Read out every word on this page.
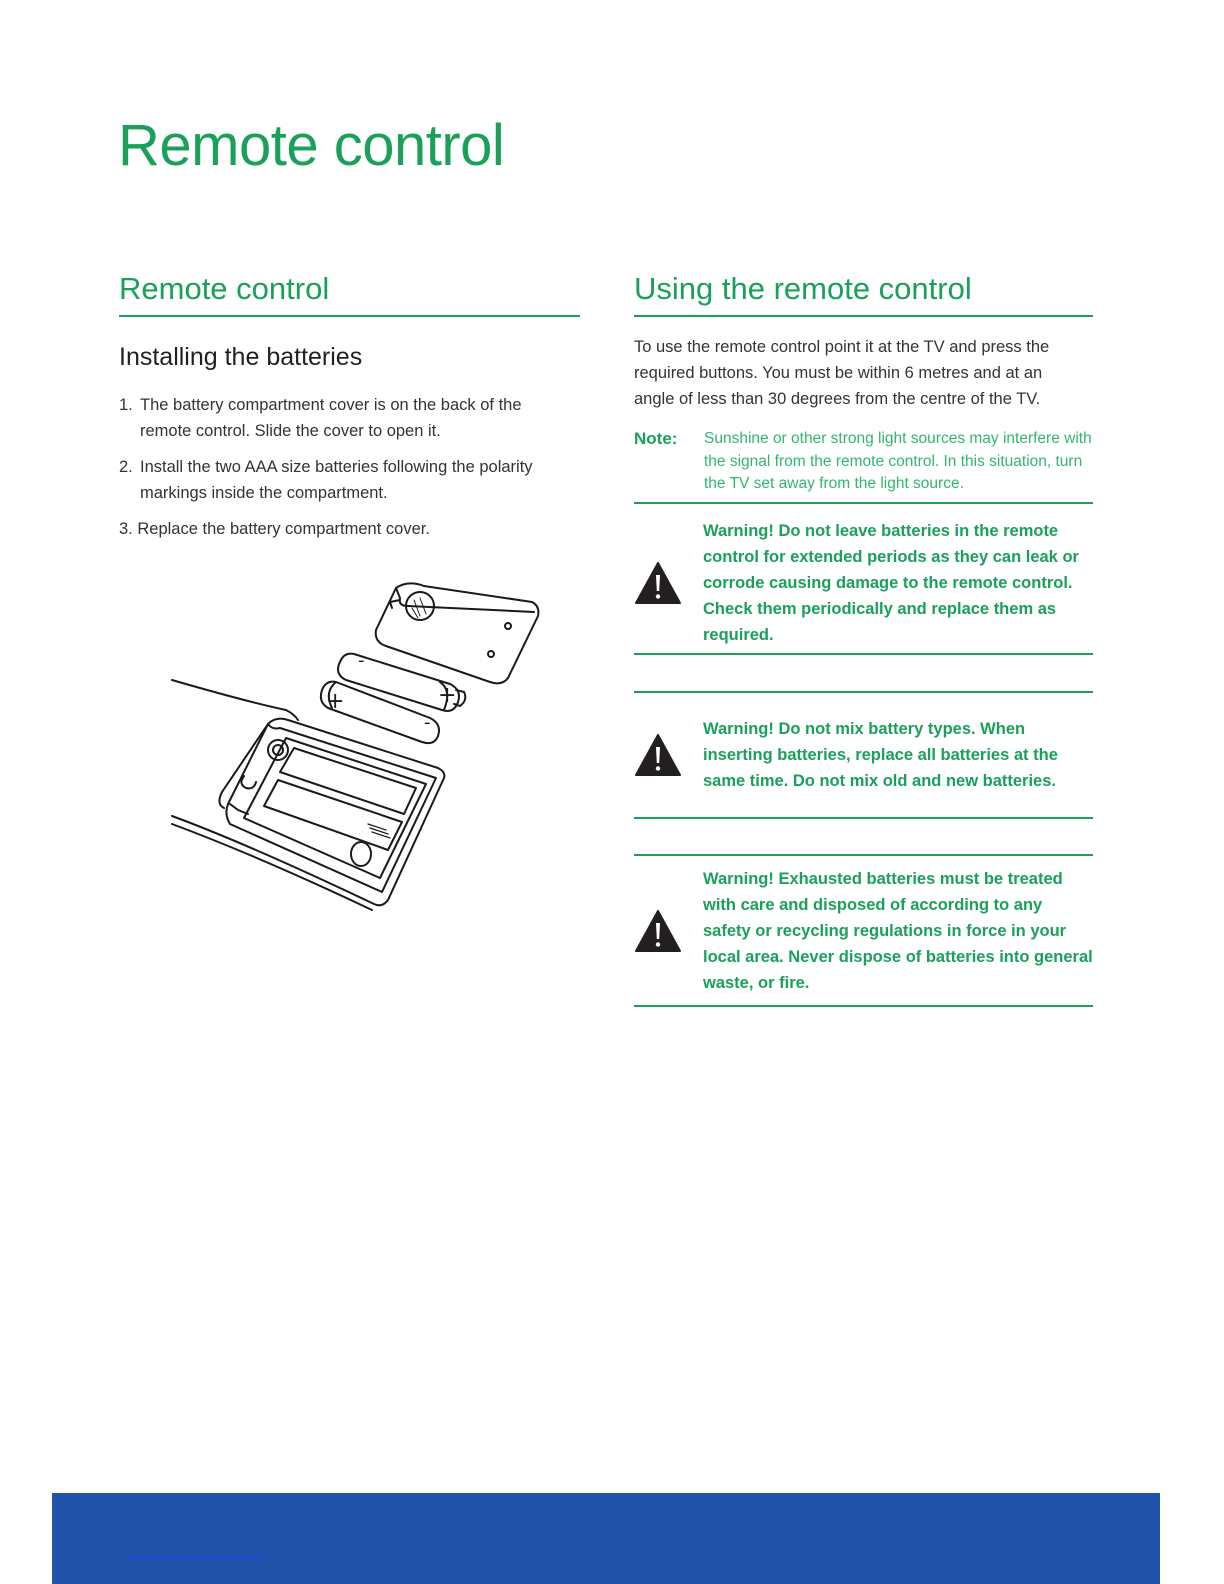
Remote control
Remote control
Installing the batteries
1. The battery compartment cover is on the back of the remote control. Slide the cover to open it.
2. Install the two AAA size batteries following the polarity markings inside the compartment.
3. Replace the battery compartment cover.
-
+
+
-
Using the remote control

To use the remote control point it at the TV and press the required buttons. You must be within 6 metres and at an angle of less than 30 degrees from the centre of the TV.

Note:	Sunshine or other strong light sources may interfere with the signal from the remote control. In this situation, turn the TV set away from the light source.
Warning! Do not leave batteries in the remote control for extended periods as they can leak or corrode causing damage to the remote control. Check them periodically and replace them as required.
Warning! Do not mix battery types. When inserting batteries, replace all batteries at the same time. Do not mix old and new batteries.
Warning! Exhausted batteries must be treated with care and disposed of according to any safety or recycling regulations in force in your local area. Never dispose of batteries into general waste, or fire.
